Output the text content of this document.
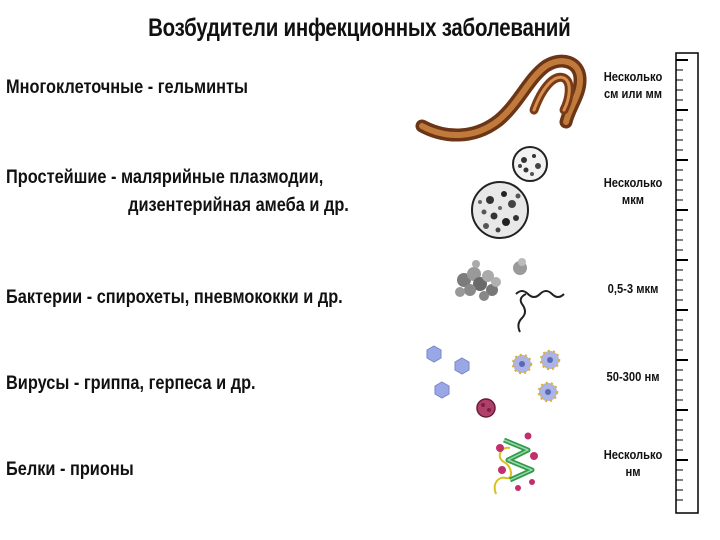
Возбудители инфекционных заболеваний
Многоклеточные - гельминты
Несколько
см или мм
Простейшие - малярийные плазмодии,
дизентерийная амеба и др.
Несколько
мкм
Бактерии - спирохеты, пневмококки и др.	0,5-3 мкм
Вирусы - гриппа, герпеса и др.	50-300 нм
Белки - прионы
Несколько
нм
